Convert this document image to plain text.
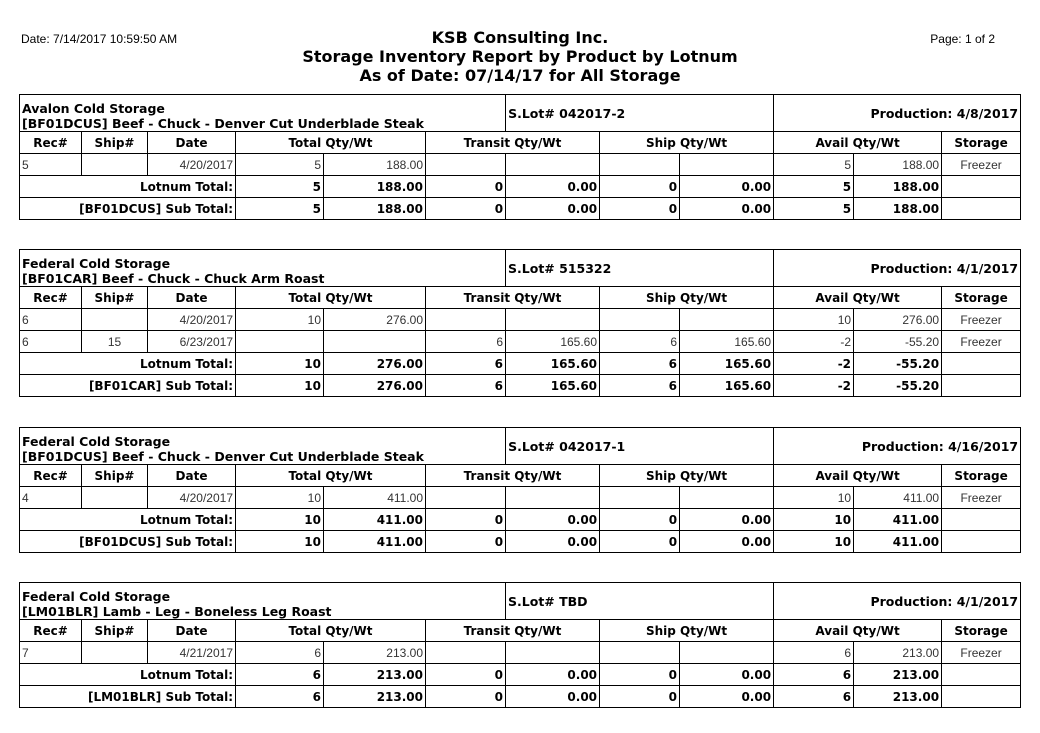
Date: 7/14/2017 10:59:50 AM	Page: 1 of 2
KSB Consulting Inc.
Storage Inventory Report by Product by Lotnum
As of Date: 07/14/17 for All Storage
Avalon Cold Storage
[BF01DCUS] Beef - Chuck - Denver Cut Underblade Steak						S.Lot# 042017-2			Production: 4/8/2017		
Rec#	Ship#	Date	Total Qty/Wt		Transit Qty/Wt		Ship Qty/Wt		Avail Qty/Wt		Storage
5		4/20/2017	5	188.00					5	188.00	Freezer
Lotnum Total:			5	188.00	0	0.00	0	0.00	5	188.00	
[BF01DCUS] Sub Total:			5	188.00	0	0.00	0	0.00	5	188.00	
Federal Cold Storage
[BF01CAR] Beef - Chuck - Chuck Arm Roast						S.Lot# 515322			Production: 4/1/2017		
Rec#	Ship#	Date	Total Qty/Wt		Transit Qty/Wt		Ship Qty/Wt		Avail Qty/Wt		Storage
6		4/20/2017	10	276.00					10	276.00	Freezer
6	15	6/23/2017			6	165.60	6	165.60	-2	-55.20	Freezer
Lotnum Total:			10	276.00	6	165.60	6	165.60	-2	-55.20	
[BF01CAR] Sub Total:			10	276.00	6	165.60	6	165.60	-2	-55.20	
Federal Cold Storage
[BF01DCUS] Beef - Chuck - Denver Cut Underblade Steak						S.Lot# 042017-1			Production: 4/16/2017		
Rec#	Ship#	Date	Total Qty/Wt		Transit Qty/Wt		Ship Qty/Wt		Avail Qty/Wt		Storage
4		4/20/2017	10	411.00					10	411.00	Freezer
Lotnum Total:			10	411.00	0	0.00	0	0.00	10	411.00	
[BF01DCUS] Sub Total:			10	411.00	0	0.00	0	0.00	10	411.00	
Federal Cold Storage
[LM01BLR] Lamb - Leg - Boneless Leg Roast						S.Lot# TBD			Production: 4/1/2017		
Rec#	Ship#	Date	Total Qty/Wt		Transit Qty/Wt		Ship Qty/Wt		Avail Qty/Wt		Storage
7		4/21/2017	6	213.00					6	213.00	Freezer
Lotnum Total:			6	213.00	0	0.00	0	0.00	6	213.00	
[LM01BLR] Sub Total:			6	213.00	0	0.00	0	0.00	6	213.00	
